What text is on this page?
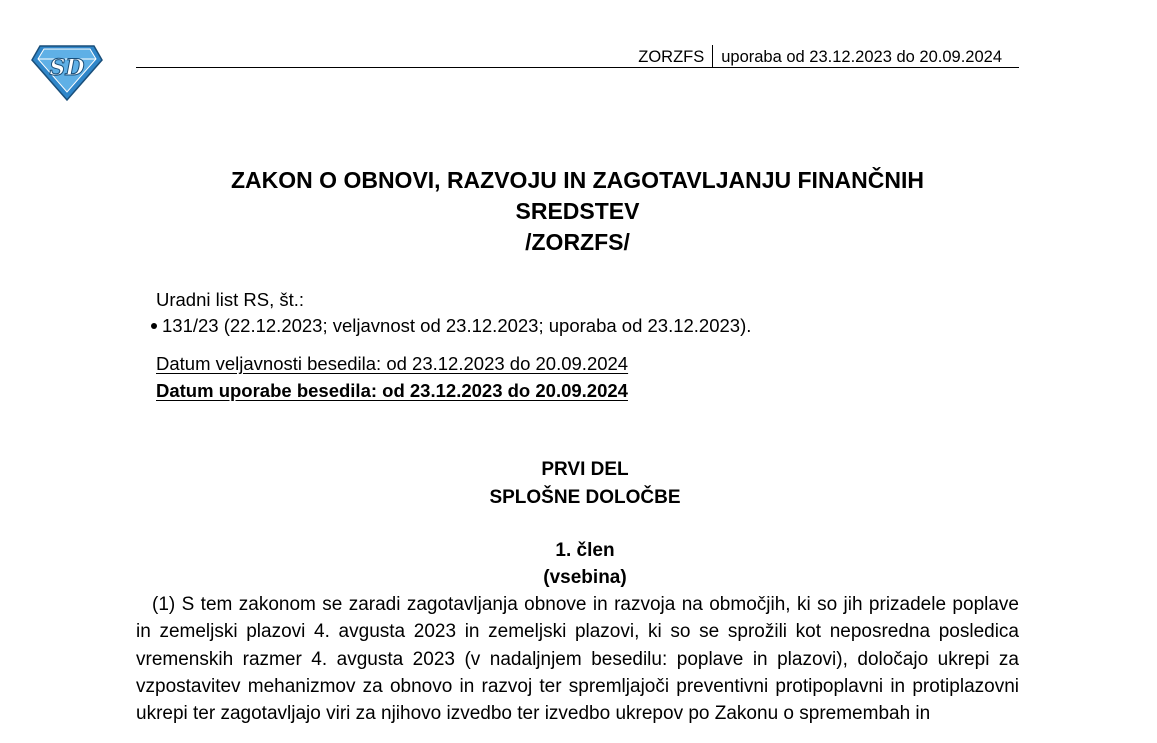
SD	ZORZFS uporaba od 23.12.2023 do 20.09.2024
ZAKON O OBNOVI, RAZVOJU IN ZAGOTAVLJANJU FINANČNIH
SREDSTEV
/ZORZFS/
Uradni list RS, št.:
131/23 (22.12.2023; veljavnost od 23.12.2023; uporaba od 23.12.2023).
Datum veljavnosti besedila: od 23.12.2023 do 20.09.2024
Datum uporabe besedila: od 23.12.2023 do 20.09.2024
PRVI DEL
SPLOŠNE DOLOČBE
1. člen
(vsebina)
(1) S tem zakonom se zaradi zagotavljanja obnove in razvoja na območjih, ki so jih prizadele poplave in zemeljski plazovi 4. avgusta 2023 in zemeljski plazovi, ki so se sprožili kot neposredna posledica vremenskih razmer 4. avgusta 2023 (v nadaljnjem besedilu: poplave in plazovi), določajo ukrepi za vzpostavitev mehanizmov za obnovo in razvoj ter spremljajoči preventivni protipoplavni in protiplazovni ukrepi ter zagotavljajo viri za njihovo izvedbo ter izvedbo ukrepov po Zakonu o spremembah in
